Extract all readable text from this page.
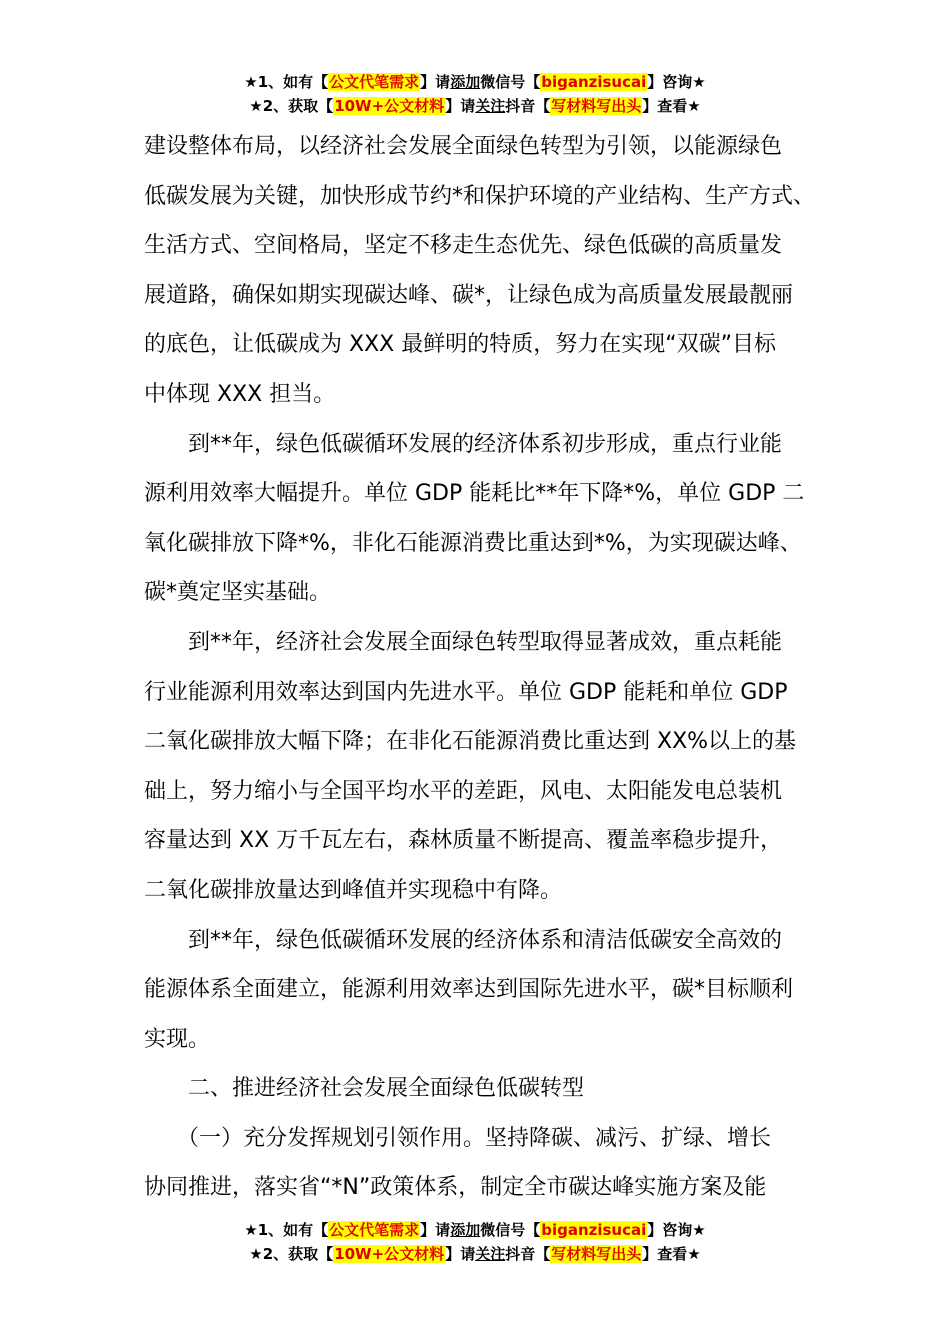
★1、如有【公文代笔需求】请添加微信号【biganzisucai】咨询★
★2、获取【10W+公文材料】请关注抖音【写材料写出头】查看★
建设整体布局，以经济社会发展全面绿色转型为引领，以能源绿色
低碳发展为关键，加快形成节约*和保护环境的产业结构、生产方式、
生活方式、空间格局，坚定不移走生态优先、绿色低碳的高质量发
展道路，确保如期实现碳达峰、碳*，让绿色成为高质量发展最靓丽
的底色，让低碳成为 XXX 最鲜明的特质，努力在实现“双碳”目标
中体现 XXX 担当。
　　到**年，绿色低碳循环发展的经济体系初步形成，重点行业能
源利用效率大幅提升。单位 GDP 能耗比**年下降*%，单位 GDP 二
氧化碳排放下降*%，非化石能源消费比重达到*%，为实现碳达峰、
碳*奠定坚实基础。
　　到**年，经济社会发展全面绿色转型取得显著成效，重点耗能
行业能源利用效率达到国内先进水平。单位 GDP 能耗和单位 GDP
二氧化碳排放大幅下降；在非化石能源消费比重达到 XX%以上的基
础上，努力缩小与全国平均水平的差距，风电、太阳能发电总装机
容量达到 XX 万千瓦左右，森林质量不断提高、覆盖率稳步提升，
二氧化碳排放量达到峰值并实现稳中有降。
　　到**年，绿色低碳循环发展的经济体系和清洁低碳安全高效的
能源体系全面建立，能源利用效率达到国际先进水平，碳*目标顺利
实现。
　　二、推进经济社会发展全面绿色低碳转型
　　（一）充分发挥规划引领作用。坚持降碳、减污、扩绿、增长
协同推进，落实省“*N”政策体系，制定全市碳达峰实施方案及能
★1、如有【公文代笔需求】请添加微信号【biganzisucai】咨询★
★2、获取【10W+公文材料】请关注抖音【写材料写出头】查看★
